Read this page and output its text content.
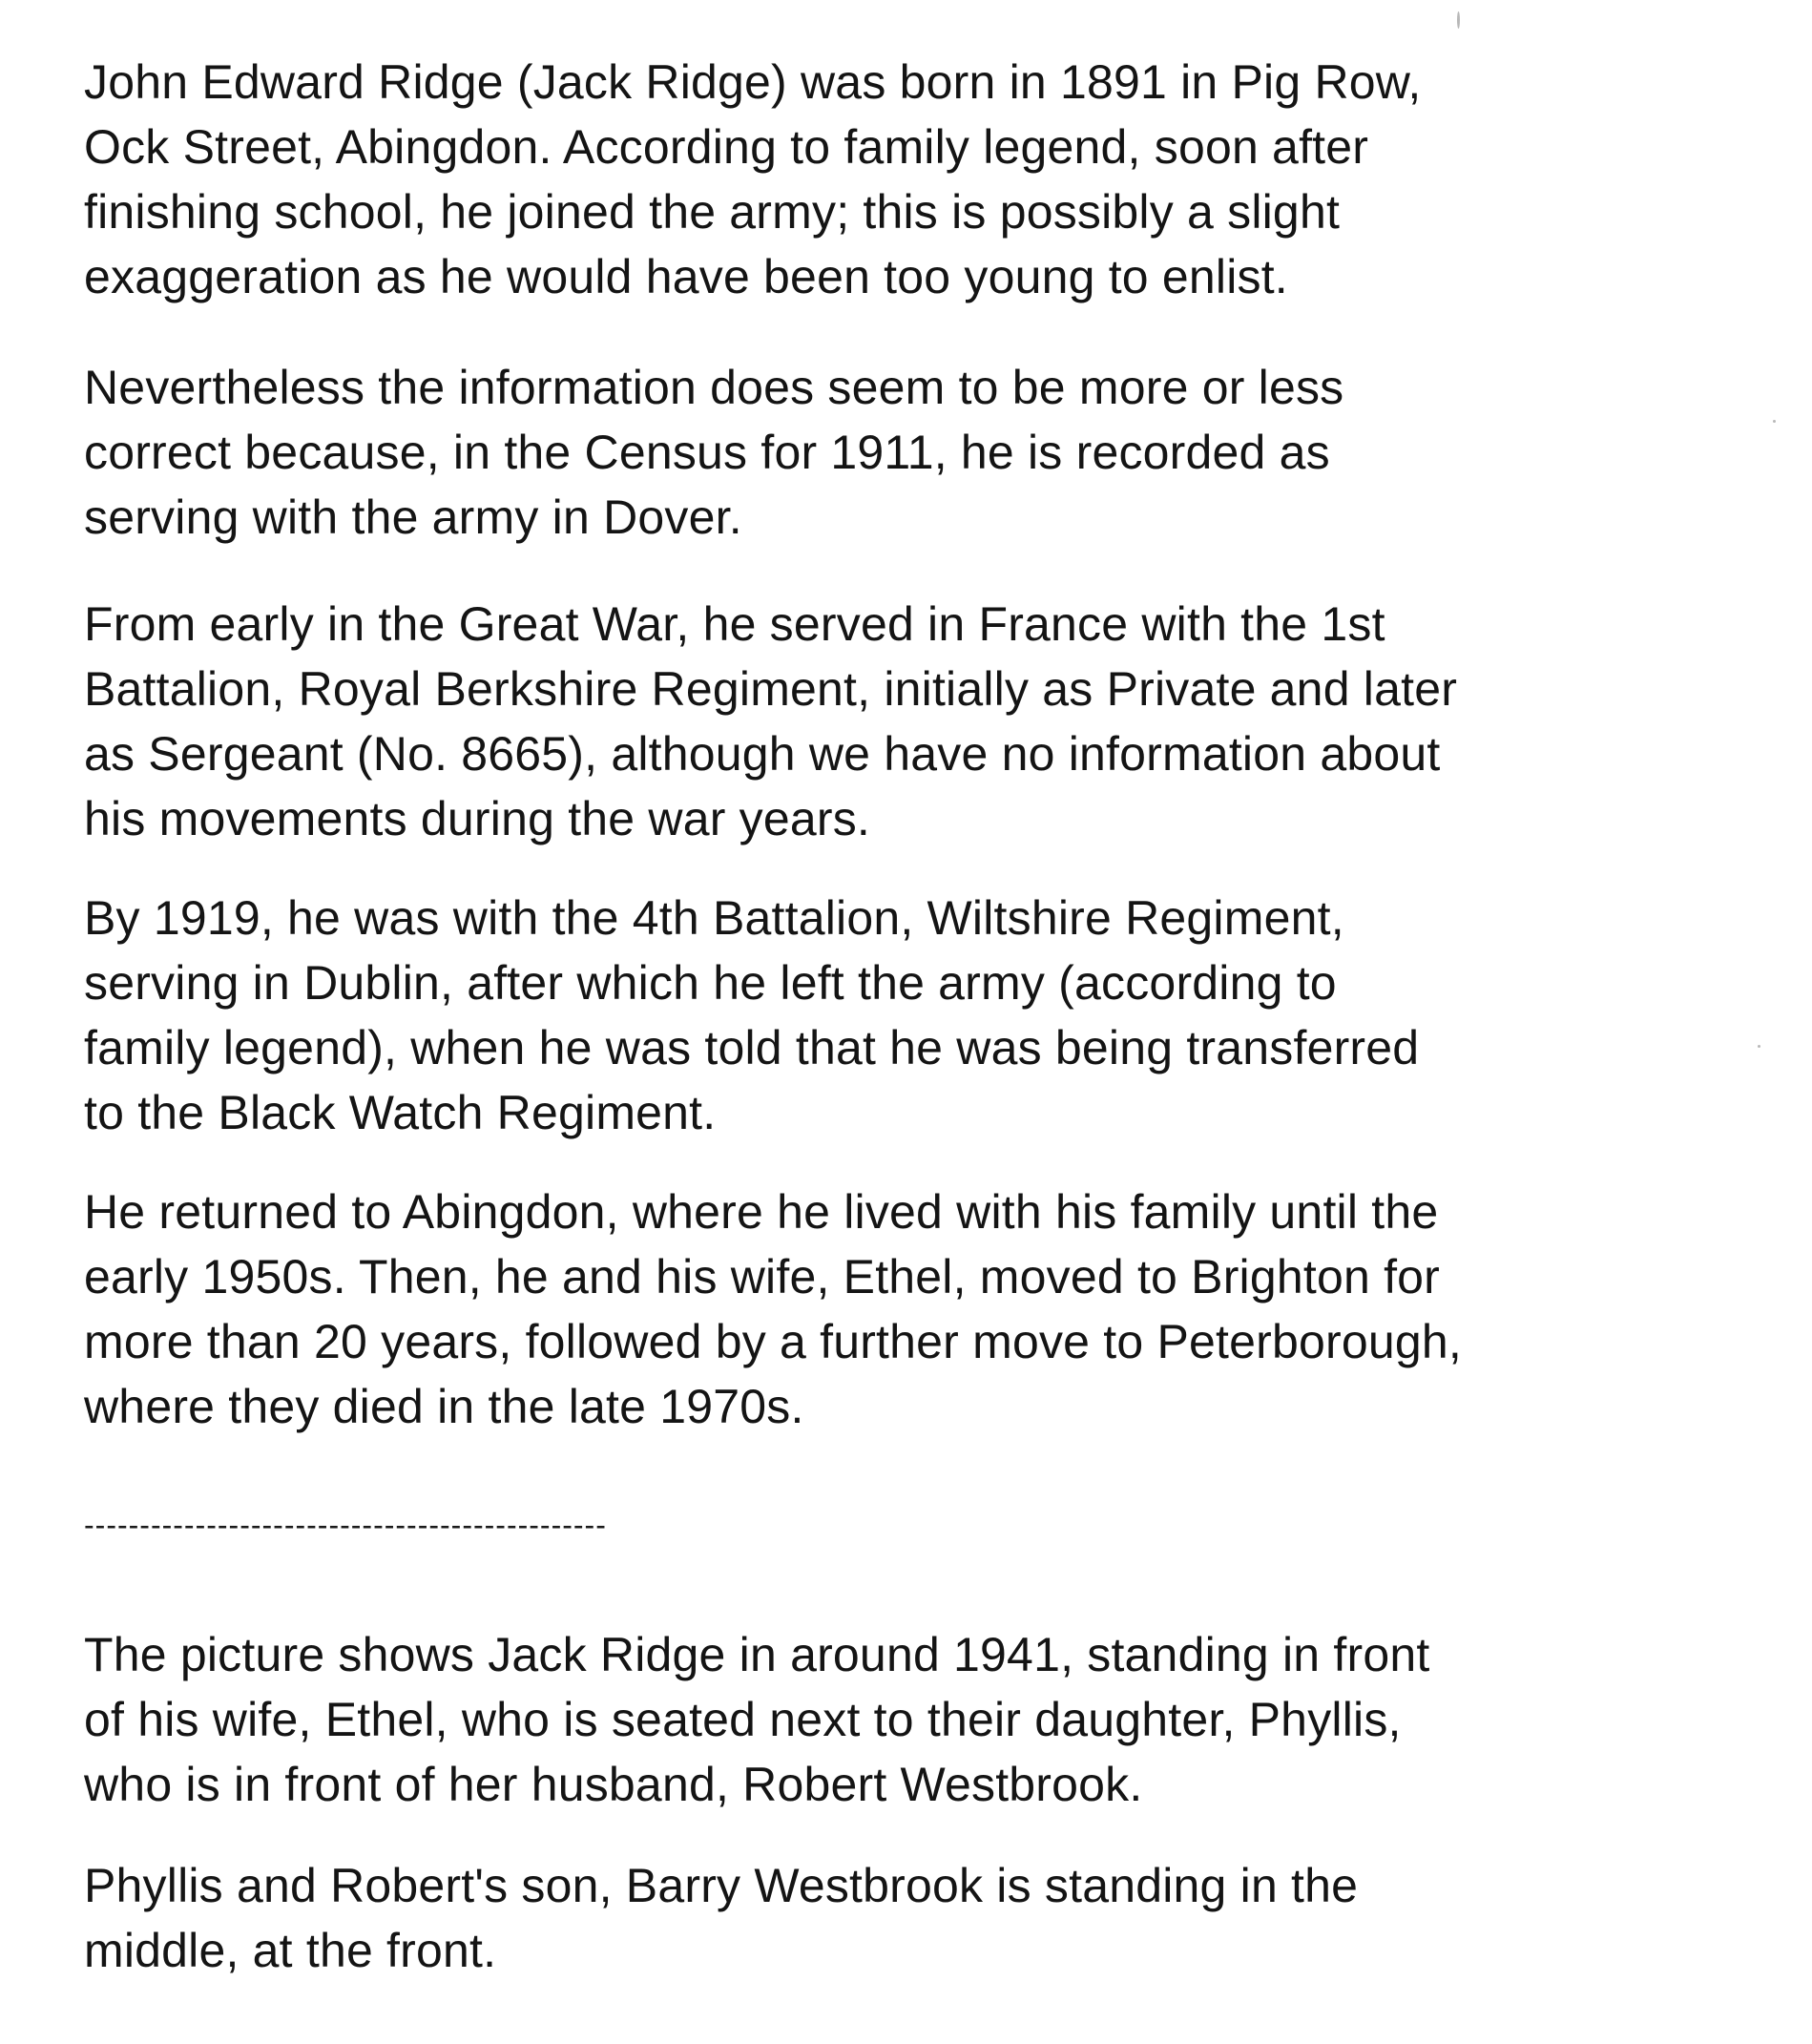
John Edward Ridge (Jack Ridge) was born in 1891 in Pig Row,
Ock Street, Abingdon. According to family legend, soon after
finishing school, he joined the army; this is possibly a slight
exaggeration as he would have been too young to enlist.

Nevertheless the information does seem to be more or less
correct because, in the Census for 1911, he is recorded as
serving with the army in Dover.

From early in the Great War, he served in France with the 1st
Battalion, Royal Berkshire Regiment, initially as Private and later
as Sergeant (No. 8665), although we have no information about
his movements during the war years.

By 1919, he was with the 4th Battalion, Wiltshire Regiment,
serving in Dublin, after which he left the army (according to
family legend), when he was told that he was being transferred
to the Black Watch Regiment.

He returned to Abingdon, where he lived with his family until the
early 1950s. Then, he and his wife, Ethel, moved to Brighton for
more than 20 years, followed by a further move to Peterborough,
where they died in the late 1970s.

-----------------------------------------------

The picture shows Jack Ridge in around 1941, standing in front
of his wife, Ethel, who is seated next to their daughter, Phyllis,
who is in front of her husband, Robert Westbrook.

Phyllis and Robert's son, Barry Westbrook is standing in the
middle, at the front.
